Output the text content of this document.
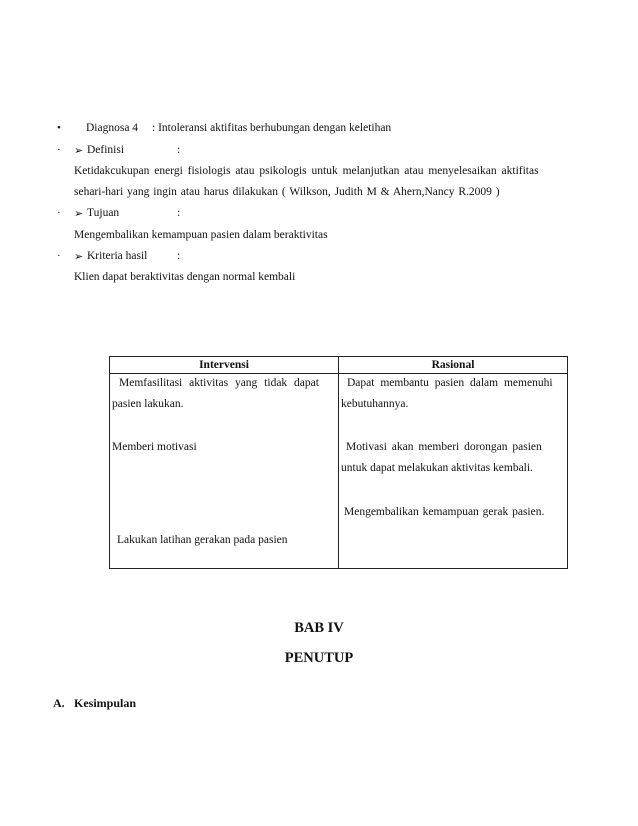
• Diagnosa 4 : Intoleransi aktifitas berhubungan dengan keletihan
· ➢ Definisi	:
Ketidakcukupan energi fisiologis atau psikologis untuk melanjutkan atau menyelesaikan aktifitas
sehari-hari yang ingin atau harus dilakukan ( Wilkson, Judith M & Ahern,Nancy R.2009 )
· ➢ Tujuan	:
Mengembalikan kemampuan pasien dalam beraktivitas
· ➢ Kriteria hasil	:
Klien dapat beraktivitas dengan normal kembali
Intervensi	Rasional

Memfasilitasi aktivitas yang tidak dapat
pasien lakukan.
Memberi motivasi
Lakukan latihan gerakan pada pasien	Dapat membantu pasien dalam memenuhi
kebutuhannya.
Motivasi akan memberi dorongan pasien
untuk dapat melakukan aktivitas kembali.
Mengembalikan kemampuan gerak pasien.
BAB IV
PENUTUP
A. Kesimpulan
